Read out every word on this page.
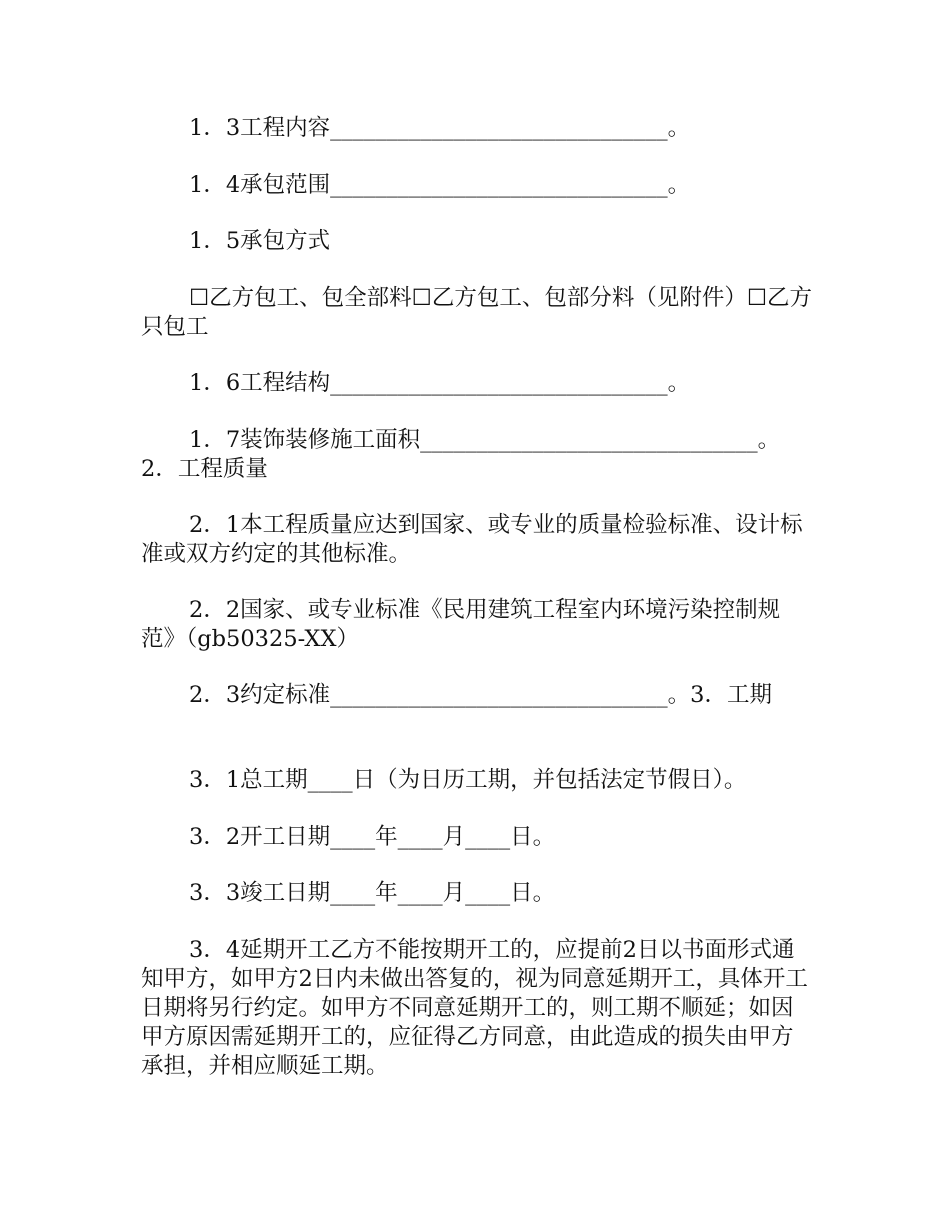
1．3工程内容______________________________。

1．4承包范围______________________________。

1．5承包方式

☐乙方包工、包全部料☐乙方包工、包部分料（见附件）☐乙方只包工

1．6工程结构______________________________。

1．7装饰装修施工面积______________________________。2．工程质量

2．1本工程质量应达到国家、或专业的质量检验标准、设计标准或双方约定的其他标准。

2．2国家、或专业标准《民用建筑工程室内环境污染控制规范》（gb50325-XX）

2．3约定标准______________________________。3．工期

3．1总工期____日（为日历工期，并包括法定节假日）。

3．2开工日期____年____月____日。

3．3竣工日期____年____月____日。

3．4延期开工乙方不能按期开工的，应提前2日以书面形式通知甲方，如甲方2日内未做出答复的，视为同意延期开工，具体开工日期将另行约定。如甲方不同意延期开工的，则工期不顺延；如因甲方原因需延期开工的，应征得乙方同意，由此造成的损失由甲方承担，并相应顺延工期。
